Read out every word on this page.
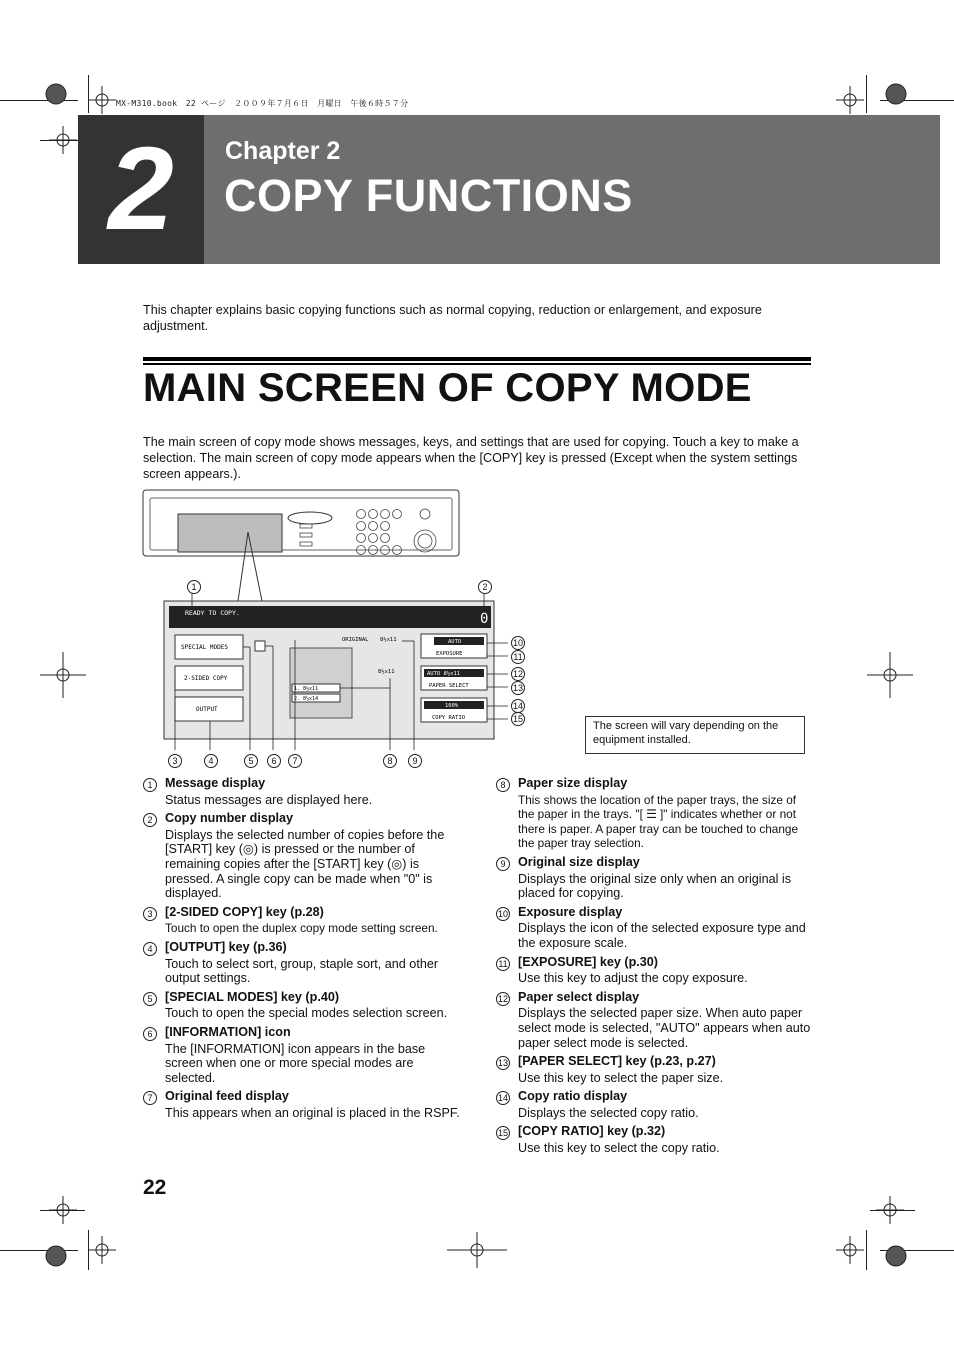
MX-M310.book　22 ページ　２００９年７月６日　月曜日　午後６時５７分
2	Chapter 2
COPY FUNCTIONS
This chapter explains basic copying functions such as normal copying, reduction or enlargement, and exposure adjustment.
MAIN SCREEN OF COPY MODE
The main screen of copy mode shows messages, keys, and settings that are used for copying. Touch a key to make a selection. The main screen of copy mode appears when the [COPY] key is pressed (Except when the system settings screen appears.).
READY TO COPY.	0
SPECIAL MODES
2-SIDED COPY
OUTPUT
1. 8½x11
2. 8½x14
ORIGINAL 8½x11
8½x11
AUTO
EXPOSURE
AUTO 8½x11
PAPER SELECT
100%
COPY RATIO
1	2
3	4	5	6	7	8	9
10
11
12
13
14
15
The screen will vary depending on the equipment installed.
1 Message display
Status messages are displayed here.
2 Copy number display
Displays the selected number of copies before the [START] key (◎) is pressed or the number of remaining copies after the [START] key (◎) is pressed. A single copy can be made when "0" is displayed.
3 [2-SIDED COPY] key (p.28)
Touch to open the duplex copy mode setting screen.
4 [OUTPUT] key (p.36)
Touch to select sort, group, staple sort, and other output settings.
5 [SPECIAL MODES] key (p.40)
Touch to open the special modes selection screen.
6 [INFORMATION] icon
The [INFORMATION] icon appears in the base screen when one or more special modes are selected.
7 Original feed display
This appears when an original is placed in the RSPF.
8 Paper size display
This shows the location of the paper trays, the size of the paper in the trays. "[ ☰ ]" indicates whether or not there is paper. A paper tray can be touched to change the paper tray selection.
9 Original size display
Displays the original size only when an original is placed for copying.
10 Exposure display
Displays the icon of the selected exposure type and the exposure scale.
11 [EXPOSURE] key (p.30)
Use this key to adjust the copy exposure.
12 Paper select display
Displays the selected paper size. When auto paper select mode is selected, "AUTO" appears when auto paper select mode is selected.
13 [PAPER SELECT] key (p.23, p.27)
Use this key to select the paper size.
14 Copy ratio display
Displays the selected copy ratio.
15 [COPY RATIO] key (p.32)
Use this key to select the copy ratio.
22
